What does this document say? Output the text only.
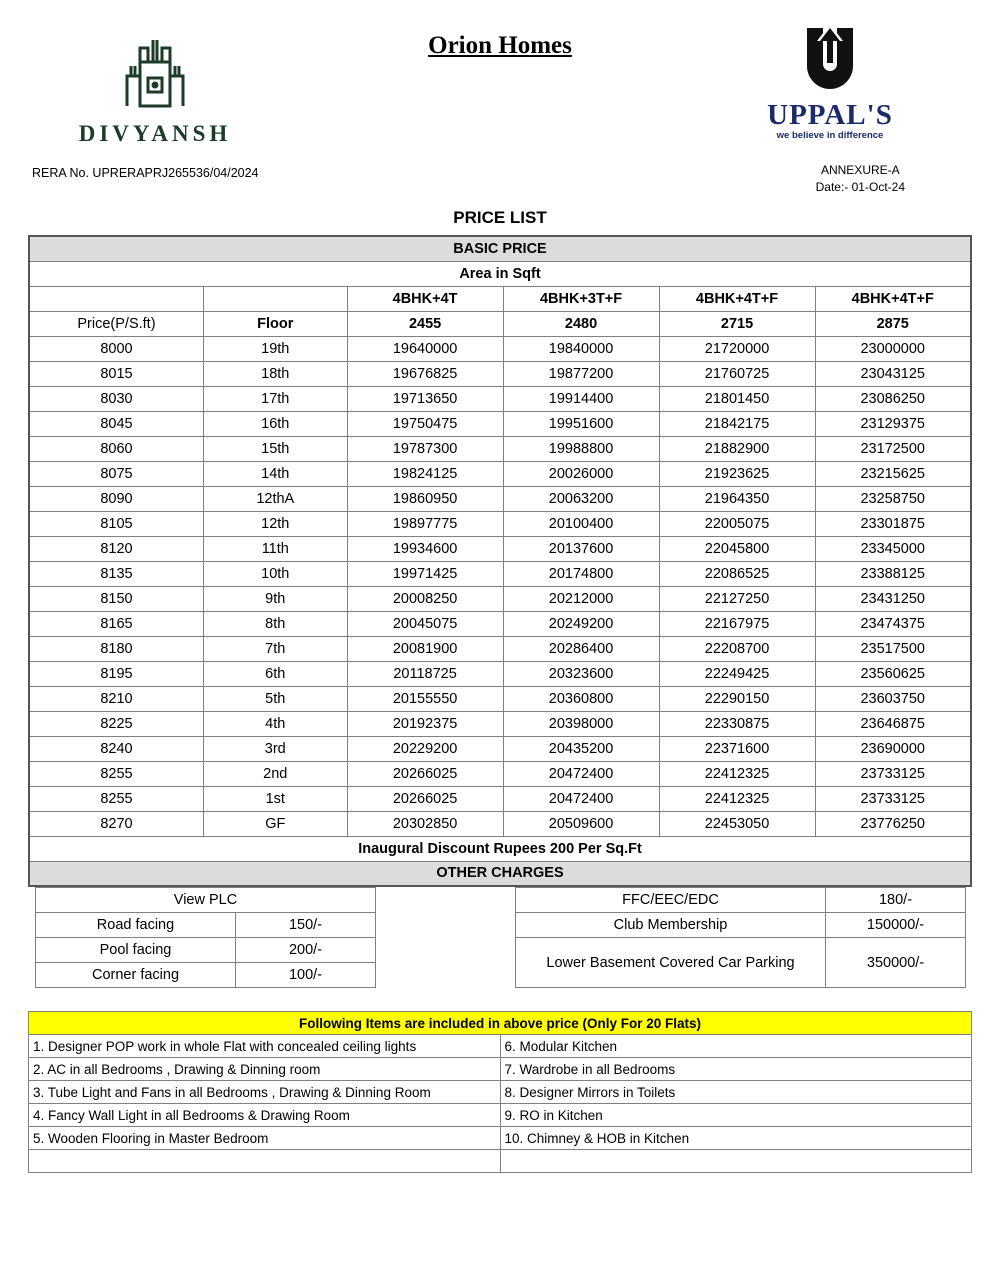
DIVYANSH
Orion Homes
UPPAL'S
we believe in difference
RERA No. UPRERAPRJ265536/04/2024	ANNEXURE-A
Date:- 01-Oct-24
PRICE LIST
BASIC PRICE					
Area in Sqft					
		4BHK+4T	4BHK+3T+F	4BHK+4T+F	4BHK+4T+F
Price(P/S.ft)	Floor	2455	2480	2715	2875
8000	19th	19640000	19840000	21720000	23000000
8015	18th	19676825	19877200	21760725	23043125
8030	17th	19713650	19914400	21801450	23086250
8045	16th	19750475	19951600	21842175	23129375
8060	15th	19787300	19988800	21882900	23172500
8075	14th	19824125	20026000	21923625	23215625
8090	12thA	19860950	20063200	21964350	23258750
8105	12th	19897775	20100400	22005075	23301875
8120	11th	19934600	20137600	22045800	23345000
8135	10th	19971425	20174800	22086525	23388125
8150	9th	20008250	20212000	22127250	23431250
8165	8th	20045075	20249200	22167975	23474375
8180	7th	20081900	20286400	22208700	23517500
8195	6th	20118725	20323600	22249425	23560625
8210	5th	20155550	20360800	22290150	23603750
8225	4th	20192375	20398000	22330875	23646875
8240	3rd	20229200	20435200	22371600	23690000
8255	2nd	20266025	20472400	22412325	23733125
8255	1st	20266025	20472400	22412325	23733125
8270	GF	20302850	20509600	22453050	23776250
Inaugural Discount Rupees 200 Per Sq.Ft					
OTHER CHARGES					
View PLC	
Road facing	150/-
Pool facing	200/-
Corner facing	100/-
FFC/EEC/EDC	180/-
Club Membership	150000/-
Lower Basement Covered Car Parking	350000/-
Following Items are included in above price (Only For 20 Flats)	
1. Designer POP work in whole Flat with concealed ceiling lights	6. Modular Kitchen
2. AC in all Bedrooms , Drawing & Dinning room	7. Wardrobe in all Bedrooms
3. Tube Light and Fans in all Bedrooms , Drawing & Dinning Room	8. Designer Mirrors in Toilets
4. Fancy Wall Light in all Bedrooms & Drawing Room	9. RO in Kitchen
5. Wooden Flooring in Master Bedroom	10. Chimney & HOB in Kitchen
